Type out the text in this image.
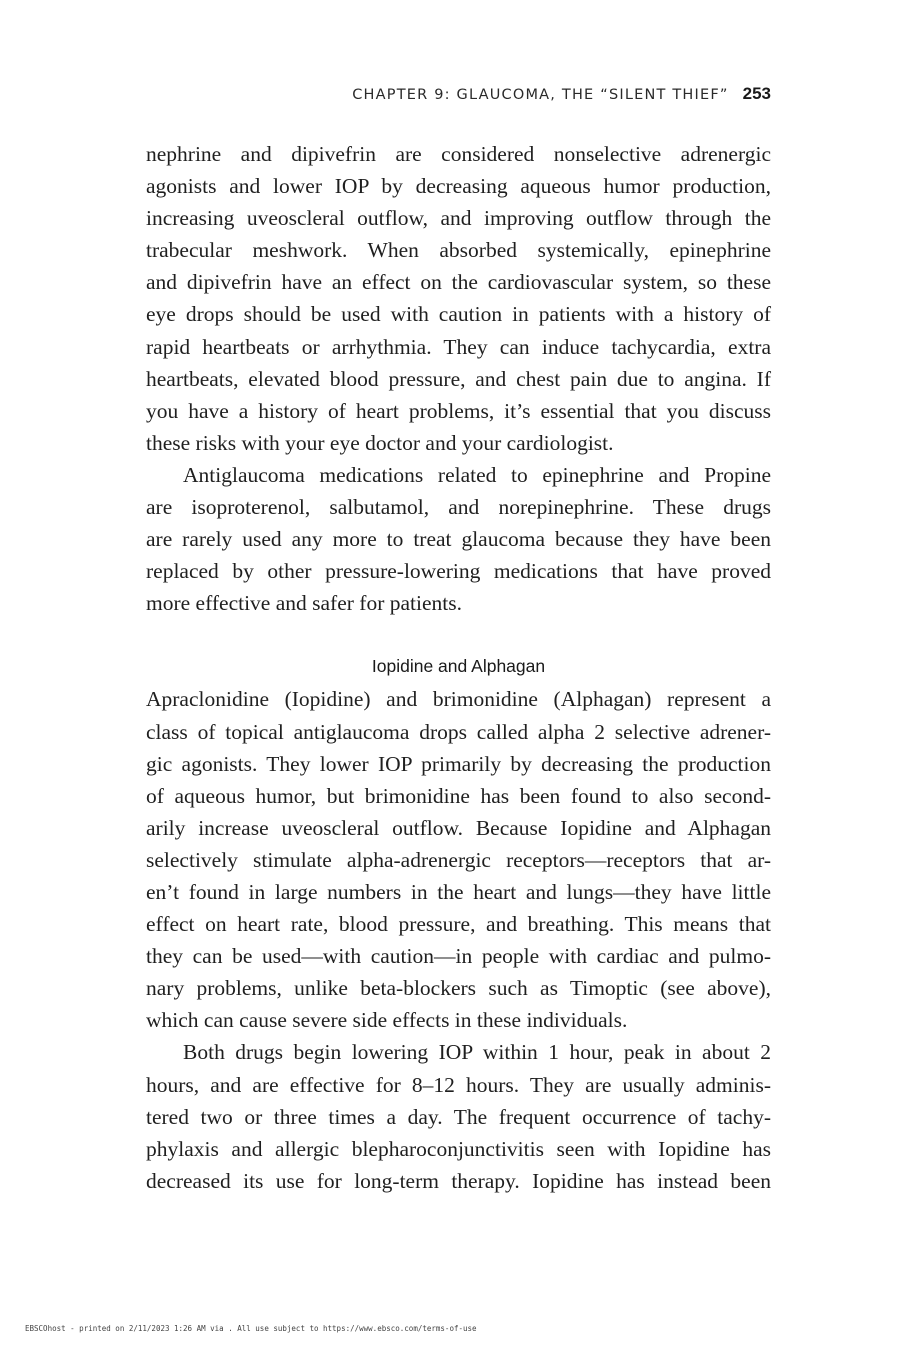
CHAPTER 9: GLAUCOMA, THE “SILENT THIEF” 253
nephrine and dipivefrin are considered nonselective adrenergic
agonists and lower IOP by decreasing aqueous humor production,
increasing uveoscleral outflow, and improving outflow through the
trabecular meshwork. When absorbed systemically, epinephrine
and dipivefrin have an effect on the cardiovascular system, so these
eye drops should be used with caution in patients with a history of
rapid heartbeats or arrhythmia. They can induce tachycardia, extra
heartbeats, elevated blood pressure, and chest pain due to angina. If
you have a history of heart problems, it’s essential that you discuss
these risks with your eye doctor and your cardiologist.
Antiglaucoma medications related to epinephrine and Propine
are isoproterenol, salbutamol, and norepinephrine. These drugs
are rarely used any more to treat glaucoma because they have been
replaced by other pressure-lowering medications that have proved
more effective and safer for patients.
Iopidine and Alphagan
Apraclonidine (Iopidine) and brimonidine (Alphagan) represent a
class of topical antiglaucoma drops called alpha 2 selective adrener-
gic agonists. They lower IOP primarily by decreasing the production
of aqueous humor, but brimonidine has been found to also second-
arily increase uveoscleral outflow. Because Iopidine and Alphagan
selectively stimulate alpha-adrenergic receptors—receptors that ar-
en’t found in large numbers in the heart and lungs—they have little
effect on heart rate, blood pressure, and breathing. This means that
they can be used—with caution—in people with cardiac and pulmo-
nary problems, unlike beta-blockers such as Timoptic (see above),
which can cause severe side effects in these individuals.
Both drugs begin lowering IOP within 1 hour, peak in about 2
hours, and are effective for 8–12 hours. They are usually adminis-
tered two or three times a day. The frequent occurrence of tachy-
phylaxis and allergic blepharoconjunctivitis seen with Iopidine has
decreased its use for long-term therapy. Iopidine has instead been
EBSCOhost - printed on 2/11/2023 1:26 AM via . All use subject to https://www.ebsco.com/terms-of-use
